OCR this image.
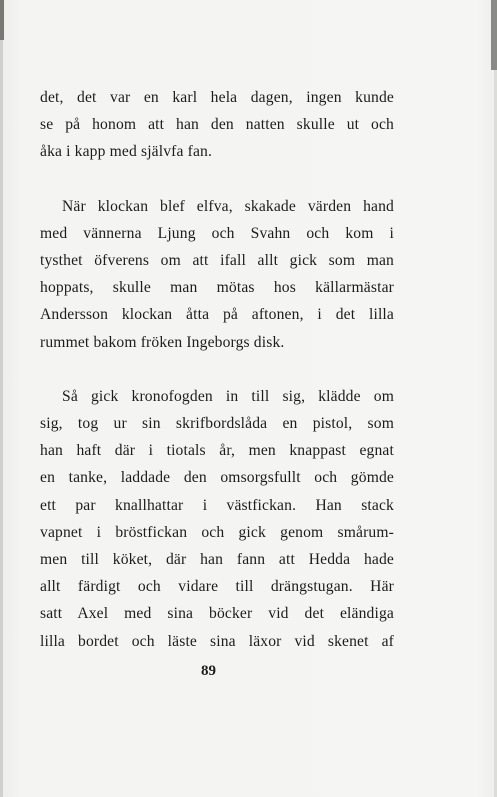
det, det var en karl hela dagen, ingen kunde
se på honom att han den natten skulle ut och
åka i kapp med självfa fan.

När klockan blef elfva, skakade värden hand
med vännerna Ljung och Svahn och kom i
tysthet öfverens om att ifall allt gick som man
hoppats, skulle man mötas hos källarmästar
Andersson klockan åtta på aftonen, i det lilla
rummet bakom fröken Ingeborgs disk.

Så gick kronofogden in till sig, klädde om
sig, tog ur sin skrifbordslåda en pistol, som
han haft där i tiotals år, men knappast egnat
en tanke, laddade den omsorgsfullt och gömde
ett par knallhattar i västfickan. Han stack
vapnet i bröstfickan och gick genom smårum-
men till köket, där han fann att Hedda hade
allt färdigt och vidare till drängstugan. Här
satt Axel med sina böcker vid det eländiga
lilla bordet och läste sina läxor vid skenet af

89
